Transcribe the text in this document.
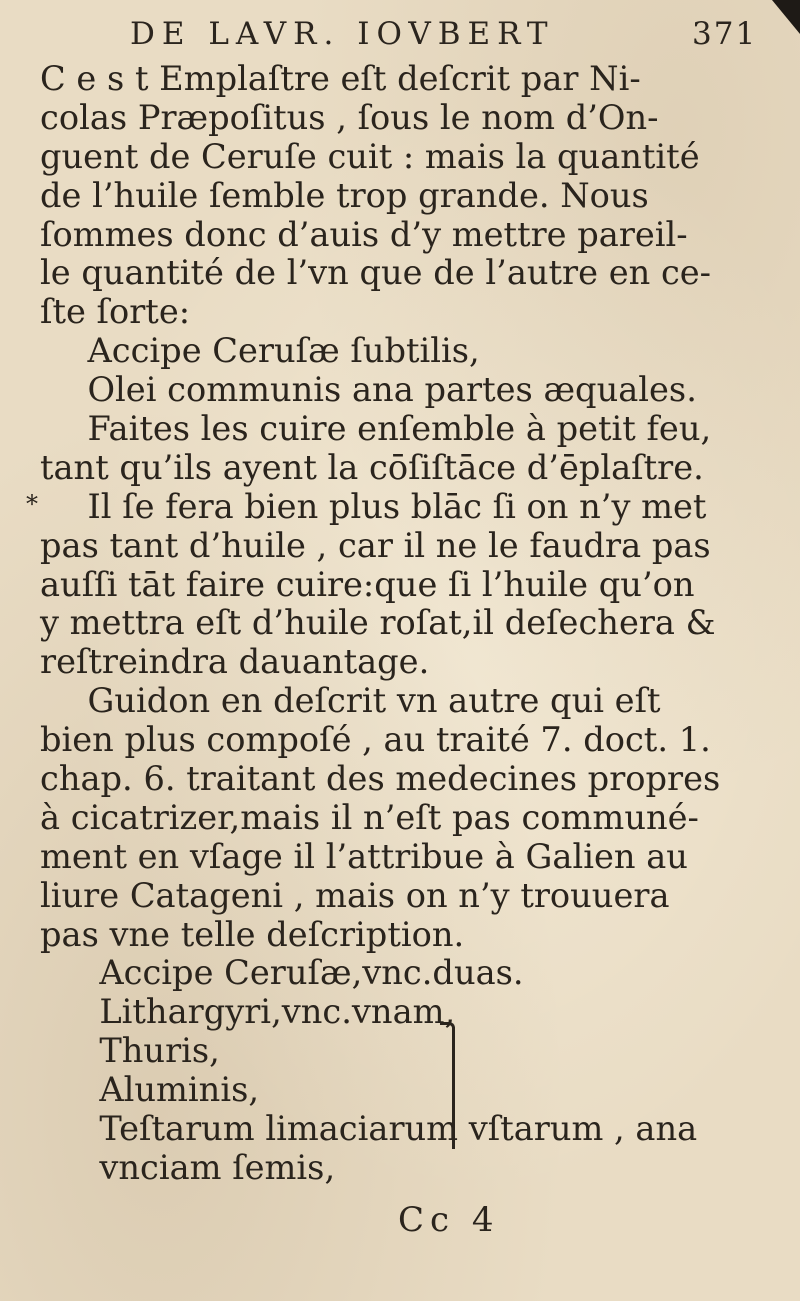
DE LAVR. IOVBERT	371
*
C e s t Emplaſtre eſt deſcrit par Ni-
colas Præpoſitus , ſous le nom d’On-
guent de Ceruſe cuit : mais la quantité
de l’huile ſemble trop grande. Nous
ſommes donc d’auis d’y mettre pareil-
le quantité de l’vn que de l’autre en ce-
ſte ſorte:
Accipe Ceruſæ ſubtilis,
Olei communis ana partes æquales.
Faites les cuire enſemble à petit feu,
tant qu’ils ayent la cōſiſtāce d’ēplaſtre.
Il ſe fera bien plus blāc ſi on n’y met
pas tant d’huile , car il ne le faudra pas
auſſi tāt faire cuire:que ſi l’huile qu’on
y mettra eſt d’huile roſat,il deſechera &
reſtreindra dauantage.
Guidon en deſcrit vn autre qui eſt
bien plus compoſé , au traité 7. doct. 1.
chap. 6. traitant des medecines propres
à cicatrizer,mais il n’eſt pas communé-
ment en vſage il l’attribue à Galien au
liure Catageni , mais on n’y trouuera
pas vne telle deſcription.
Accipe Ceruſæ,vnc.duas.
Lithargyri,vnc.vnam,
Thuris,
Aluminis,
Teſtarum limaciarum vſtarum , ana
vnciam ſemis,
Cc 4
